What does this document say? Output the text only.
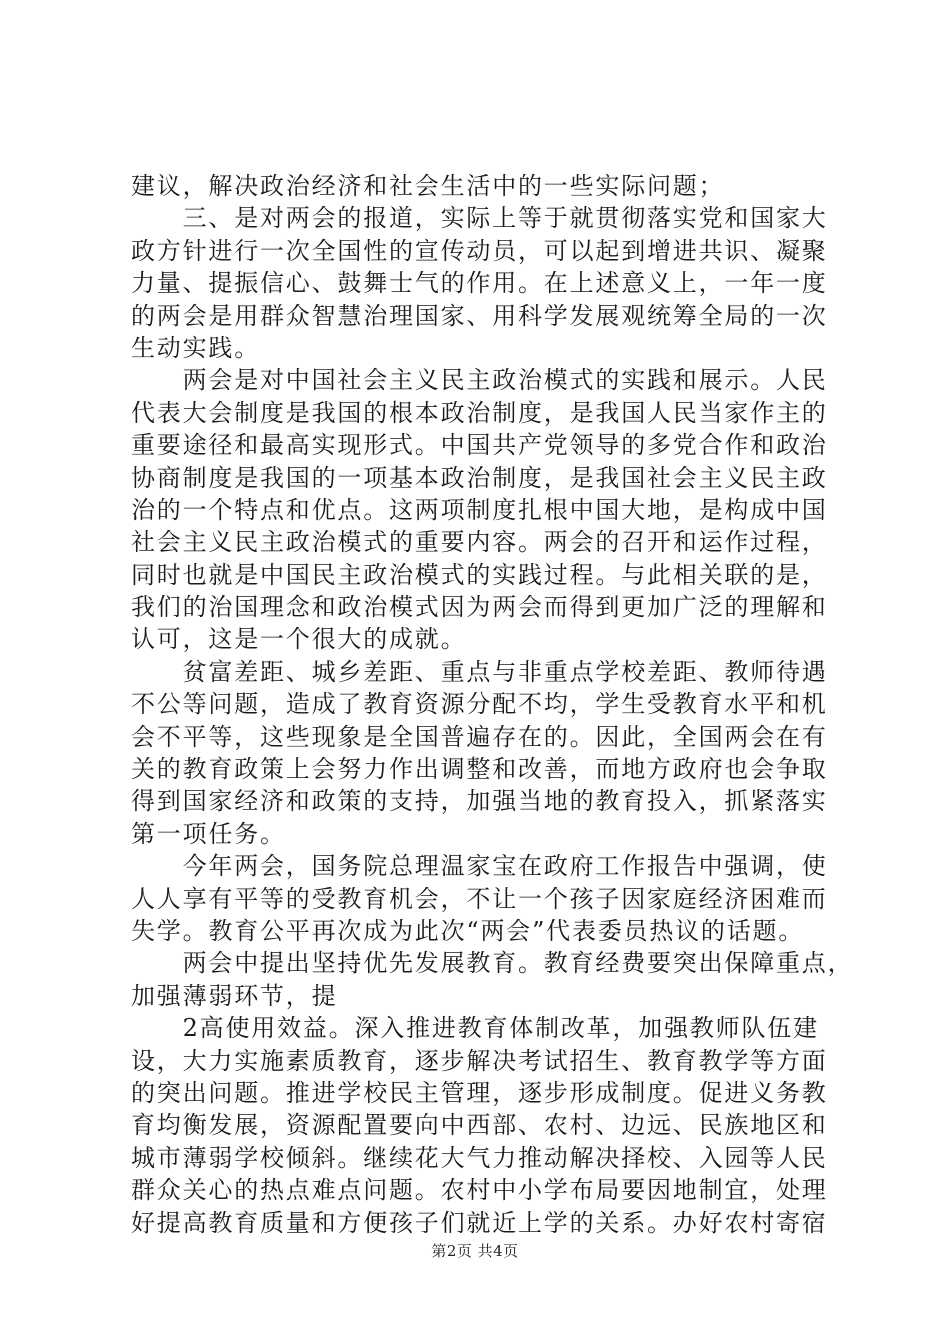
建议，解决政治经济和社会生活中的一些实际问题；
　　三、是对两会的报道，实际上等于就贯彻落实党和国家大
政方针进行一次全国性的宣传动员，可以起到增进共识、凝聚
力量、提振信心、鼓舞士气的作用。在上述意义上，一年一度
的两会是用群众智慧治理国家、用科学发展观统筹全局的一次
生动实践。
　　两会是对中国社会主义民主政治模式的实践和展示。人民
代表大会制度是我国的根本政治制度，是我国人民当家作主的
重要途径和最高实现形式。中国共产党领导的多党合作和政治
协商制度是我国的一项基本政治制度，是我国社会主义民主政
治的一个特点和优点。这两项制度扎根中国大地，是构成中国
社会主义民主政治模式的重要内容。两会的召开和运作过程，
同时也就是中国民主政治模式的实践过程。与此相关联的是，
我们的治国理念和政治模式因为两会而得到更加广泛的理解和
认可，这是一个很大的成就。
　　贫富差距、城乡差距、重点与非重点学校差距、教师待遇
不公等问题，造成了教育资源分配不均，学生受教育水平和机
会不平等，这些现象是全国普遍存在的。因此，全国两会在有
关的教育政策上会努力作出调整和改善，而地方政府也会争取
得到国家经济和政策的支持，加强当地的教育投入，抓紧落实
第一项任务。
　　今年两会，国务院总理温家宝在政府工作报告中强调，使
人人享有平等的受教育机会，不让一个孩子因家庭经济困难而
失学。教育公平再次成为此次“两会”代表委员热议的话题。
　　两会中提出坚持优先发展教育。教育经费要突出保障重点，
加强薄弱环节，提
　　2高使用效益。深入推进教育体制改革，加强教师队伍建
设，大力实施素质教育，逐步解决考试招生、教育教学等方面
的突出问题。推进学校民主管理，逐步形成制度。促进义务教
育均衡发展，资源配置要向中西部、农村、边远、民族地区和
城市薄弱学校倾斜。继续花大气力推动解决择校、入园等人民
群众关心的热点难点问题。农村中小学布局要因地制宜，处理
好提高教育质量和方便孩子们就近上学的关系。办好农村寄宿
第2页 共4页
